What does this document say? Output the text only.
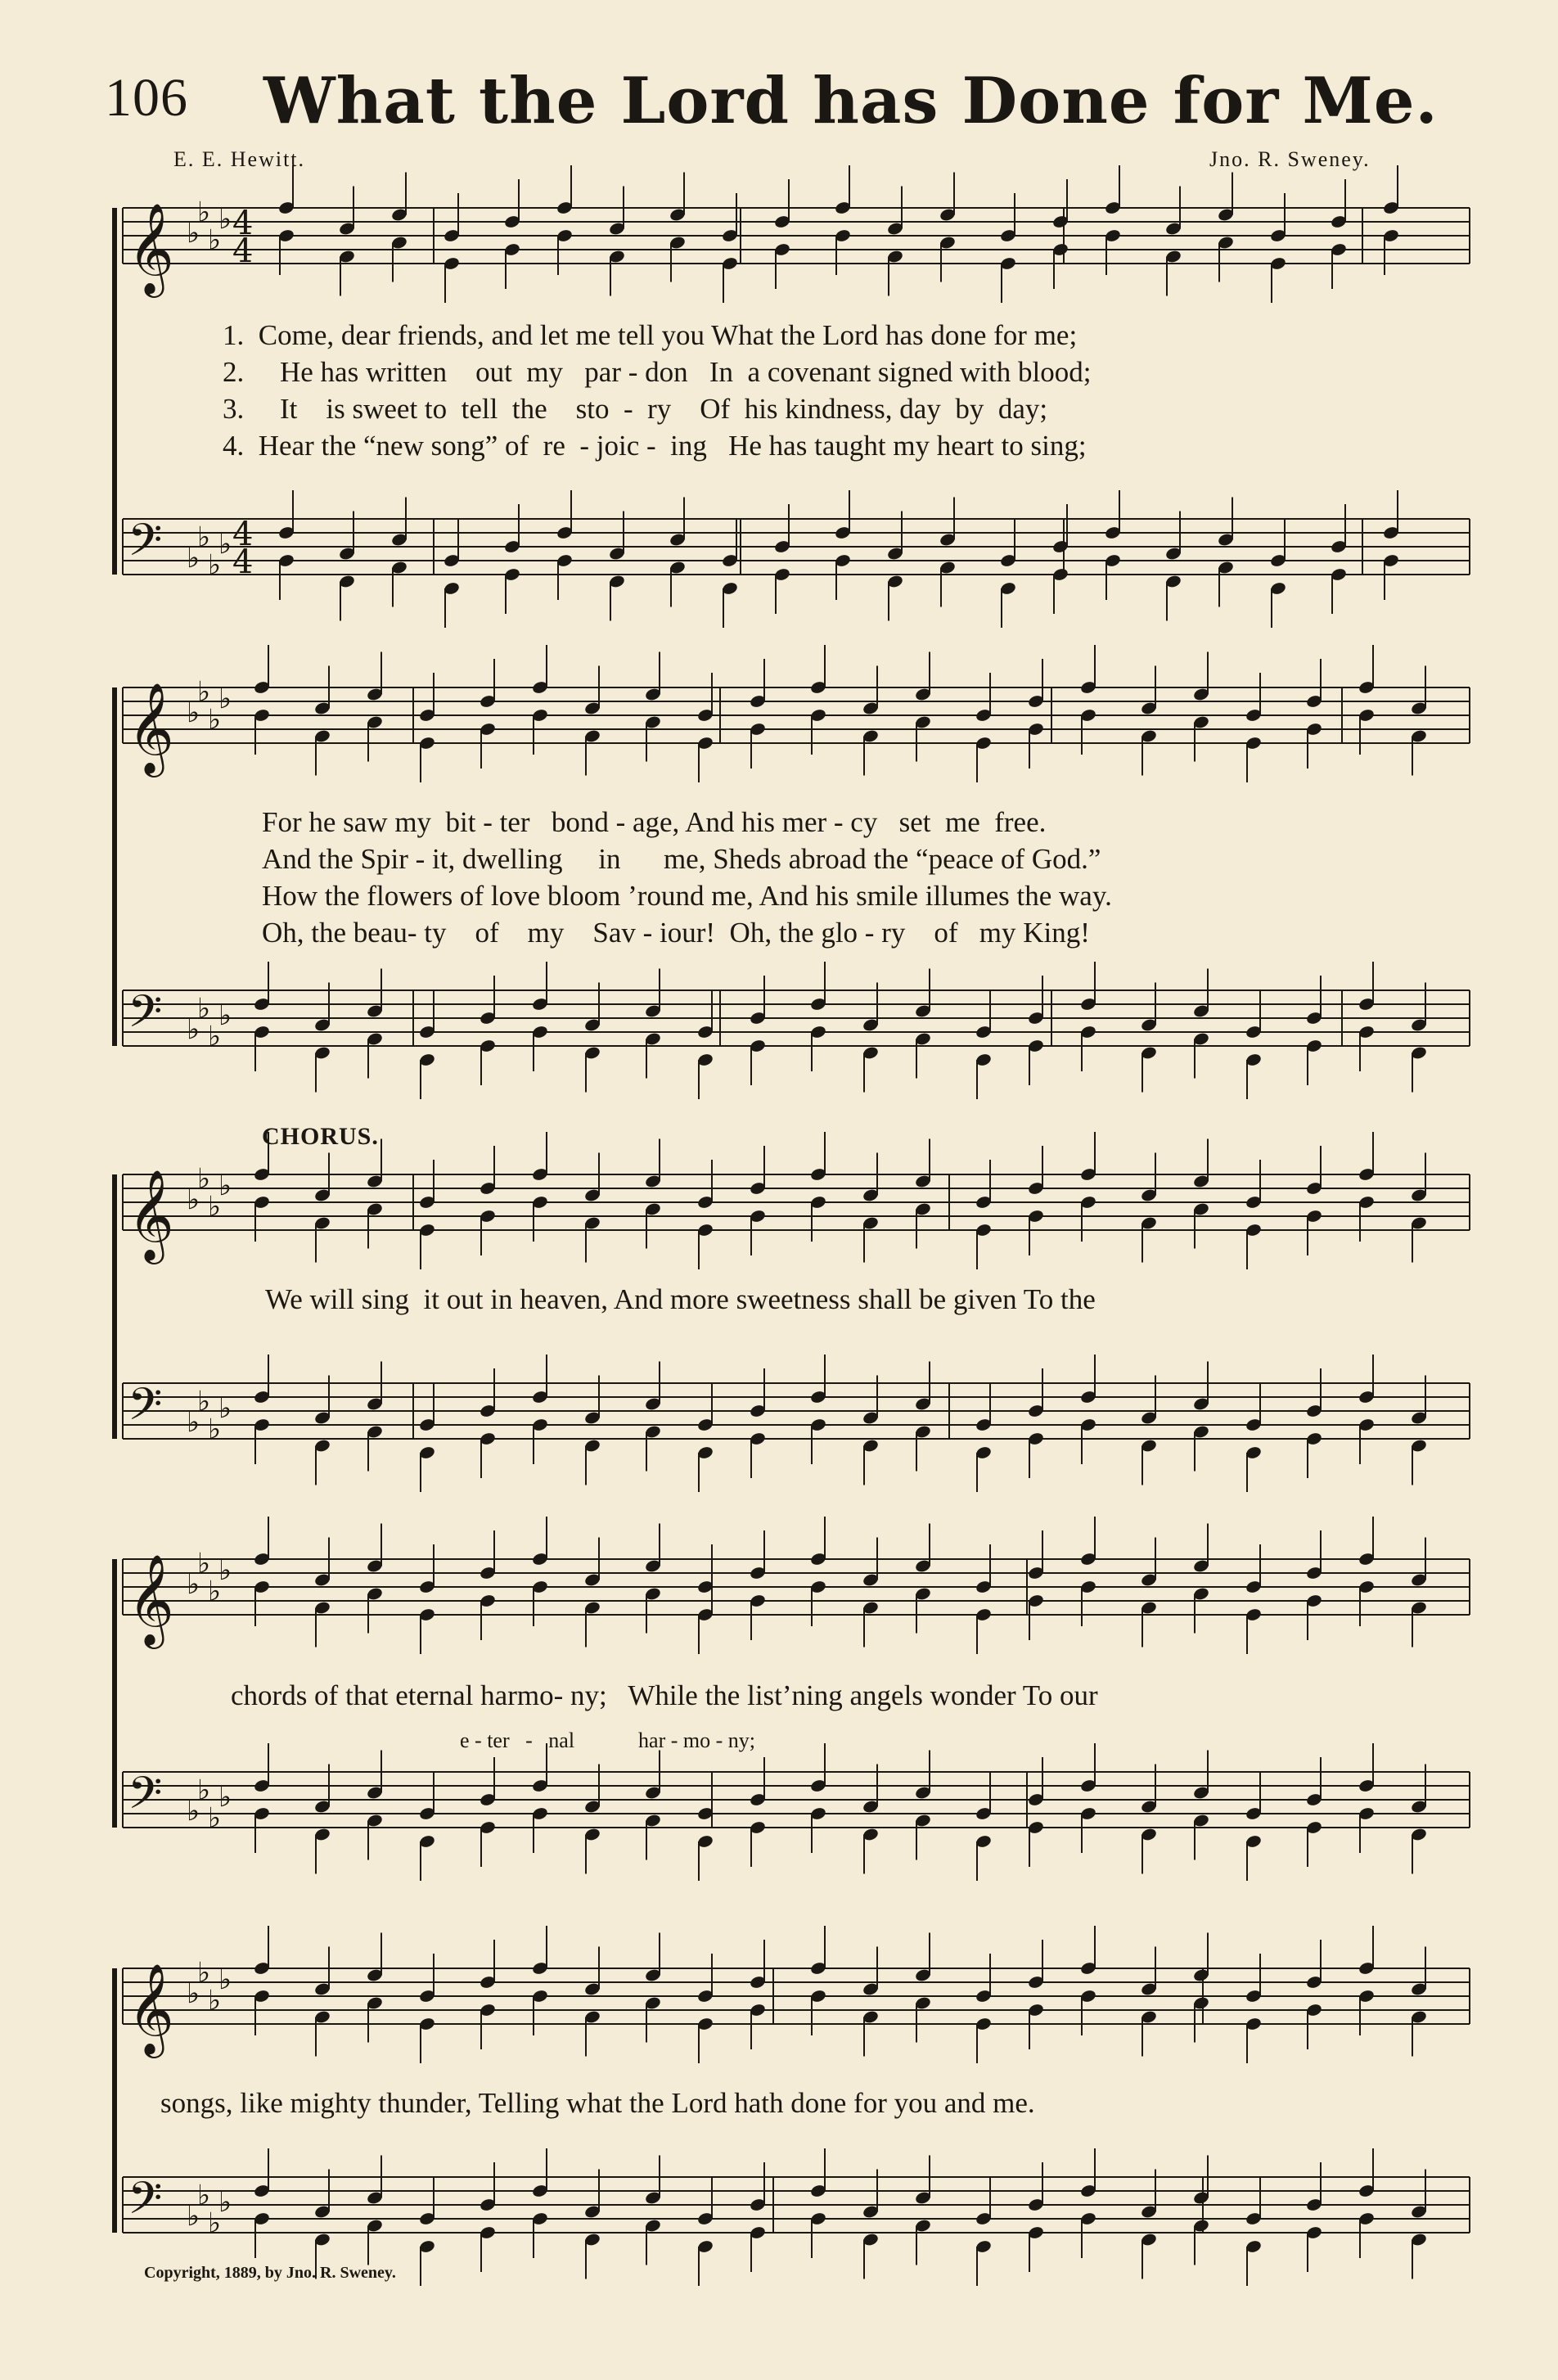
𝄞 ♭
♭
♭
♭ 4
4
𝄢 ♭
♭
♭
♭ 4
4
𝄞 ♭
♭
♭
♭
𝄢 ♭
♭
♭
♭
𝄞 ♭
♭
♭
♭
𝄢 ♭
♭
♭
♭
𝄞 ♭
♭
♭
♭
𝄢 ♭
♭
♭
♭
𝄞 ♭
♭
♭
♭
𝄢 ♭
♭
♭
♭
106 What the Lord has Done for Me.
E. E. Hewitt.	Jno. R. Sweney.
1.  Come, dear friends, and let me tell you What the Lord has done for me;
2.     He has written    out  my   par - don   In  a covenant signed with blood;
3.     It    is sweet to  tell  the    sto  -  ry    Of  his kindness, day  by  day;
4.  Hear the “new song” of  re  - joic -  ing   He has taught my heart to sing;
For he saw my  bit - ter   bond - age, And his mer - cy   set  me  free.
And the Spir - it, dwelling     in      me, Sheds abroad the “peace of God.”
How the flowers of love bloom ’round me, And his smile illumes the way.
Oh, the beau- ty    of    my    Sav - iour!  Oh, the glo - ry    of   my King!
CHORUS.
We will sing  it out in heaven, And more sweetness shall be given To the
chords of that eternal harmo- ny;   While the list’ning angels wonder To our
e - ter   -   nal            har - mo - ny;
songs, like mighty thunder, Telling what the Lord hath done for you and me.
Copyright, 1889, by Jno. R. Sweney.
